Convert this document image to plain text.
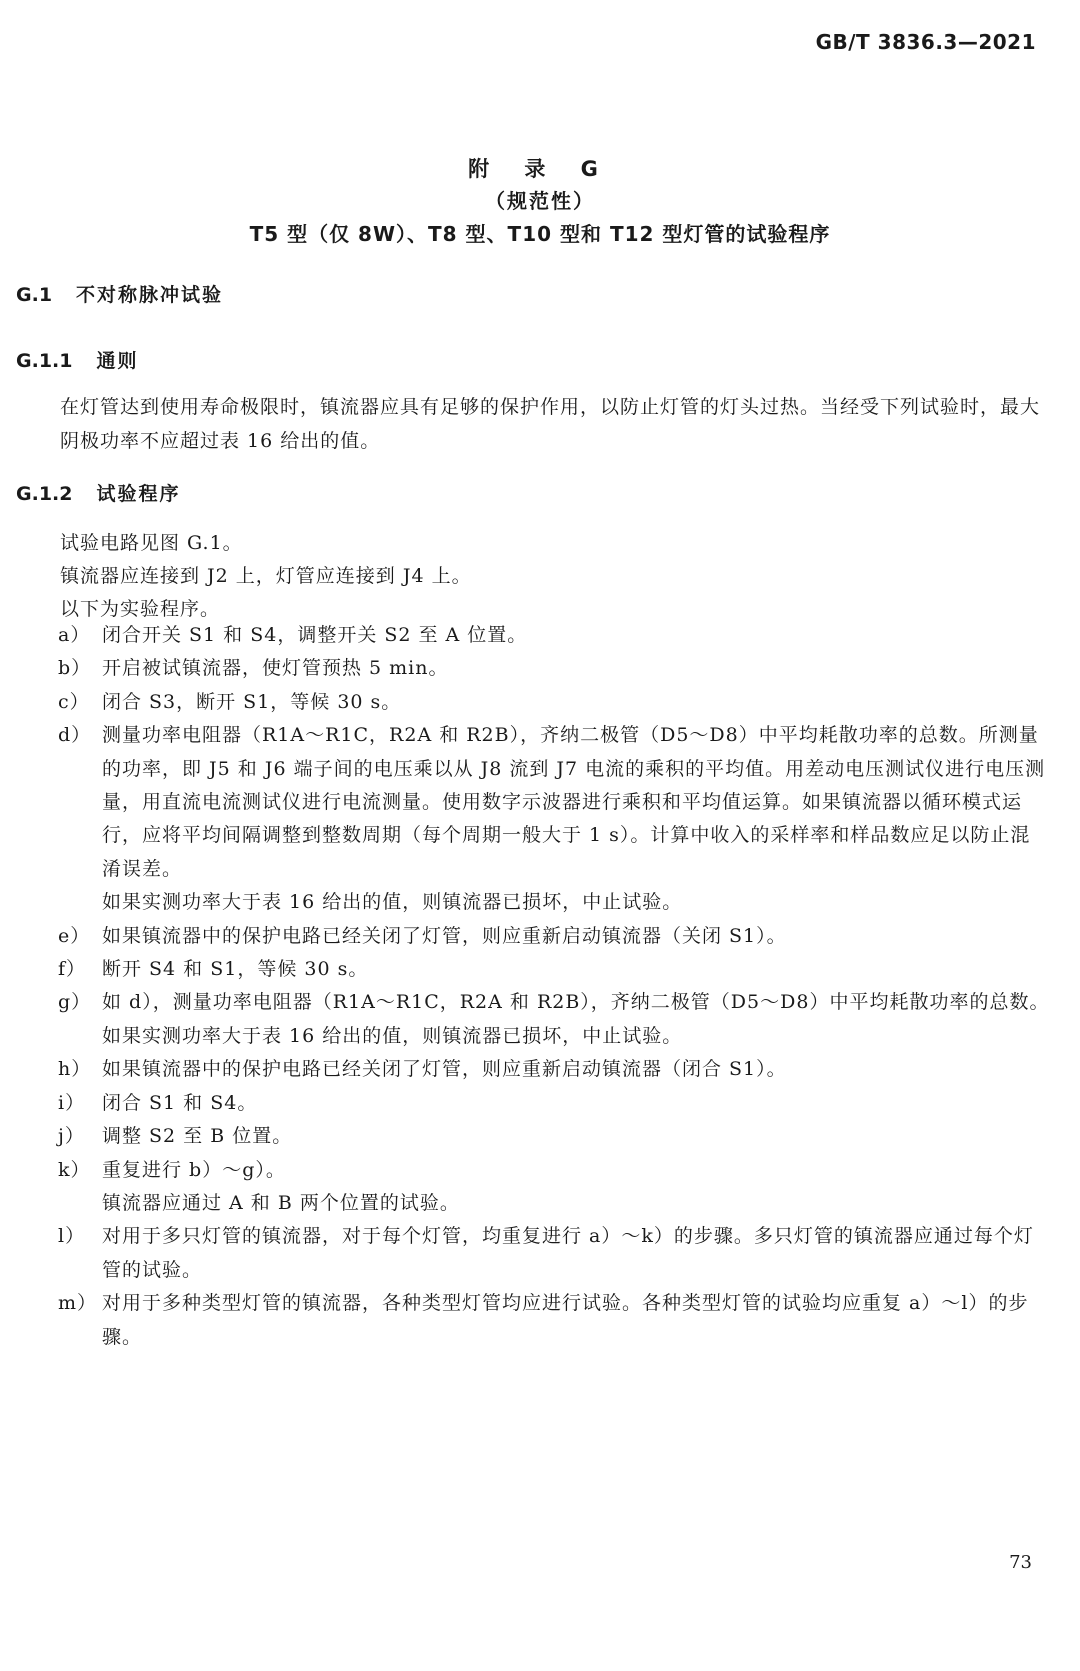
GB/T 3836.3—2021
附 录 G
（规范性）
T5 型（仅 8W）、T8 型、T10 型和 T12 型灯管的试验程序
G.1 不对称脉冲试验
G.1.1 通则

在灯管达到使用寿命极限时，镇流器应具有足够的保护作用，以防止灯管的灯头过热。当经受下列试验时，最大阴极功率不应超过表 16 给出的值。

G.1.2 试验程序
试验电路见图 G.1。
镇流器应连接到 J2 上，灯管应连接到 J4 上。
以下为实验程序。
a） 闭合开关 S1 和 S4，调整开关 S2 至 A 位置。
b） 开启被试镇流器，使灯管预热 5 min。
c） 闭合 S3，断开 S1，等候 30 s。
d） 测量功率电阻器（R1A～R1C，R2A 和 R2B），齐纳二极管（D5～D8）中平均耗散功率的总数。所测量的功率，即 J5 和 J6 端子间的电压乘以从 J8 流到 J7 电流的乘积的平均值。用差动电压测试仪进行电压测量，用直流电流测试仪进行电流测量。使用数字示波器进行乘积和平均值运算。如果镇流器以循环模式运行，应将平均间隔调整到整数周期（每个周期一般大于 1 s）。计算中收入的采样率和样品数应足以防止混淆误差。
如果实测功率大于表 16 给出的值，则镇流器已损坏，中止试验。
e） 如果镇流器中的保护电路已经关闭了灯管，则应重新启动镇流器（关闭 S1）。
f） 断开 S4 和 S1，等候 30 s。
g） 如 d），测量功率电阻器（R1A～R1C，R2A 和 R2B），齐纳二极管（D5～D8）中平均耗散功率的总数。
如果实测功率大于表 16 给出的值，则镇流器已损坏，中止试验。
h） 如果镇流器中的保护电路已经关闭了灯管，则应重新启动镇流器（闭合 S1）。
i） 闭合 S1 和 S4。
j） 调整 S2 至 B 位置。
k） 重复进行 b）～g）。
镇流器应通过 A 和 B 两个位置的试验。
l） 对用于多只灯管的镇流器，对于每个灯管，均重复进行 a）～k）的步骤。多只灯管的镇流器应通过每个灯管的试验。
m） 对用于多种类型灯管的镇流器，各种类型灯管均应进行试验。各种类型灯管的试验均应重复 a）～l）的步骤。
73
